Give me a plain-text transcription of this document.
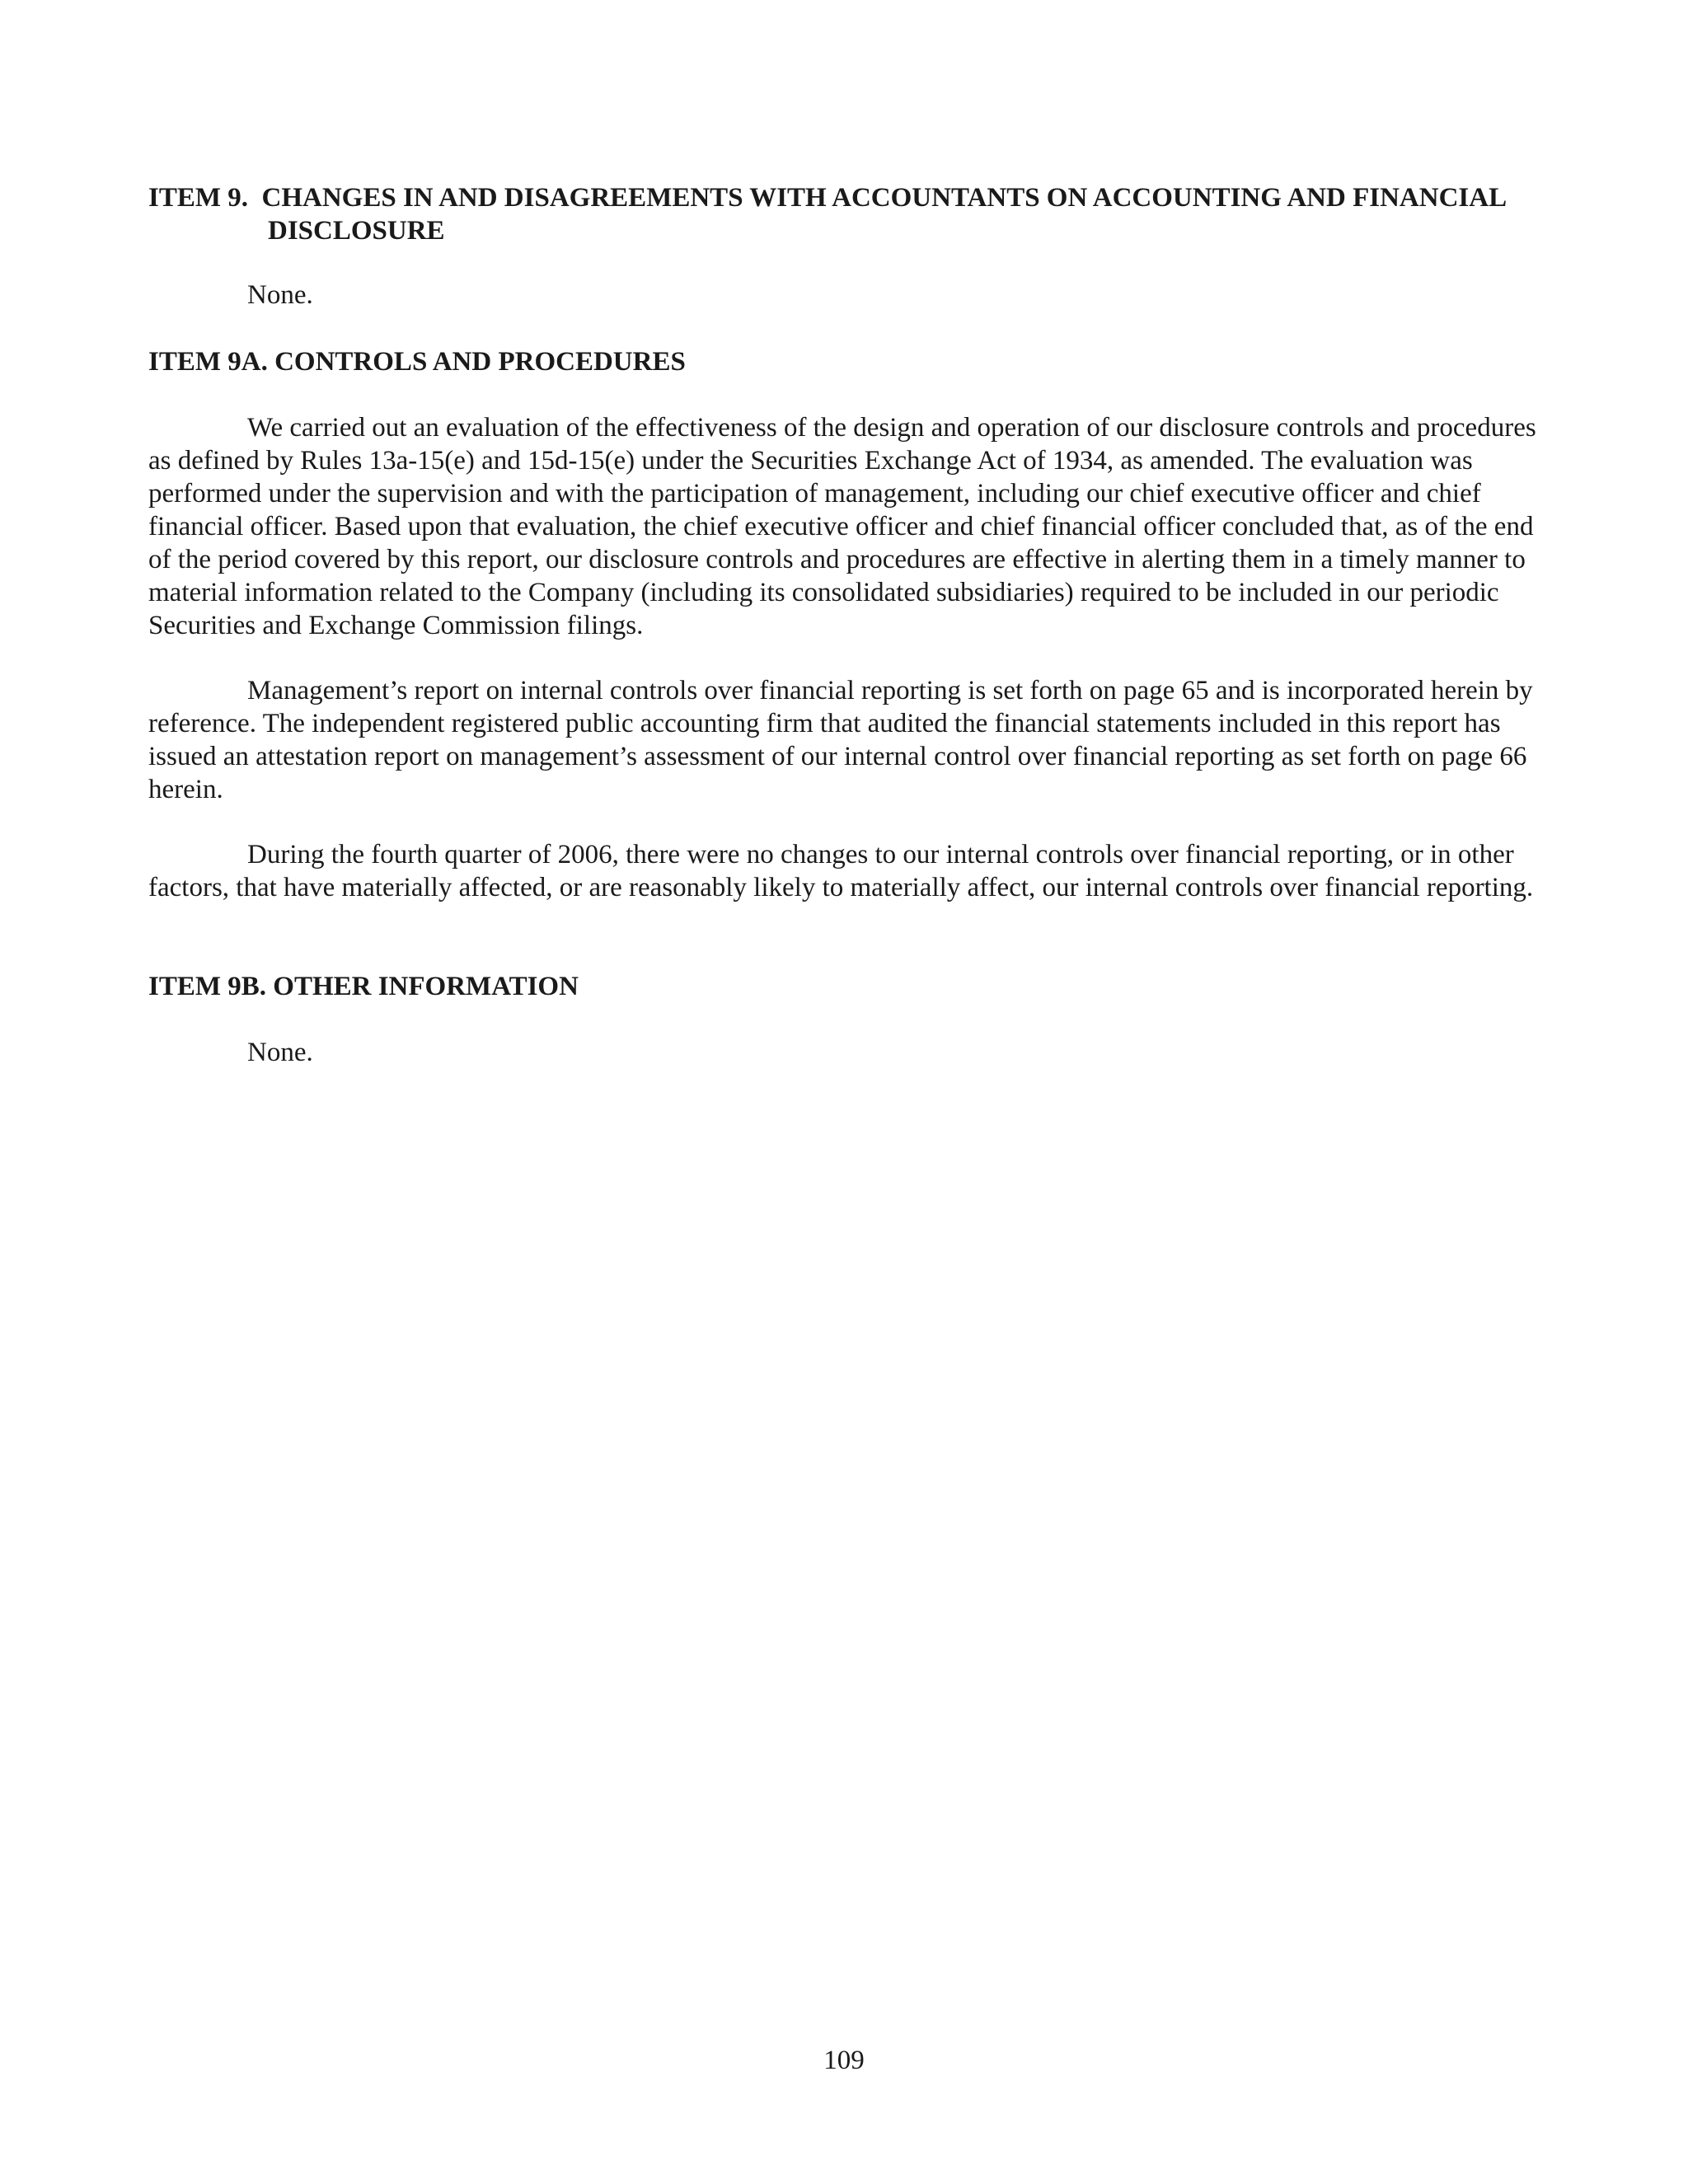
ITEM 9. CHANGES IN AND DISAGREEMENTS WITH ACCOUNTANTS ON ACCOUNTING AND FINANCIAL
DISCLOSURE
None.
ITEM 9A. CONTROLS AND PROCEDURES
We carried out an evaluation of the effectiveness of the design and operation of our disclosure controls and procedures as defined by Rules 13a-15(e) and 15d-15(e) under the Securities Exchange Act of 1934, as amended. The evaluation was performed under the supervision and with the participation of management, including our chief executive officer and chief financial officer. Based upon that evaluation, the chief executive officer and chief financial officer concluded that, as of the end of the period covered by this report, our disclosure controls and procedures are effective in alerting them in a timely manner to material information related to the Company (including its consolidated subsidiaries) required to be included in our periodic Securities and Exchange Commission filings.
Management’s report on internal controls over financial reporting is set forth on page 65 and is incorporated herein by reference. The independent registered public accounting firm that audited the financial statements included in this report has issued an attestation report on management’s assessment of our internal control over financial reporting as set forth on page 66 herein.
During the fourth quarter of 2006, there were no changes to our internal controls over financial reporting, or in other factors, that have materially affected, or are reasonably likely to materially affect, our internal controls over financial reporting.
ITEM 9B. OTHER INFORMATION
None.
109
